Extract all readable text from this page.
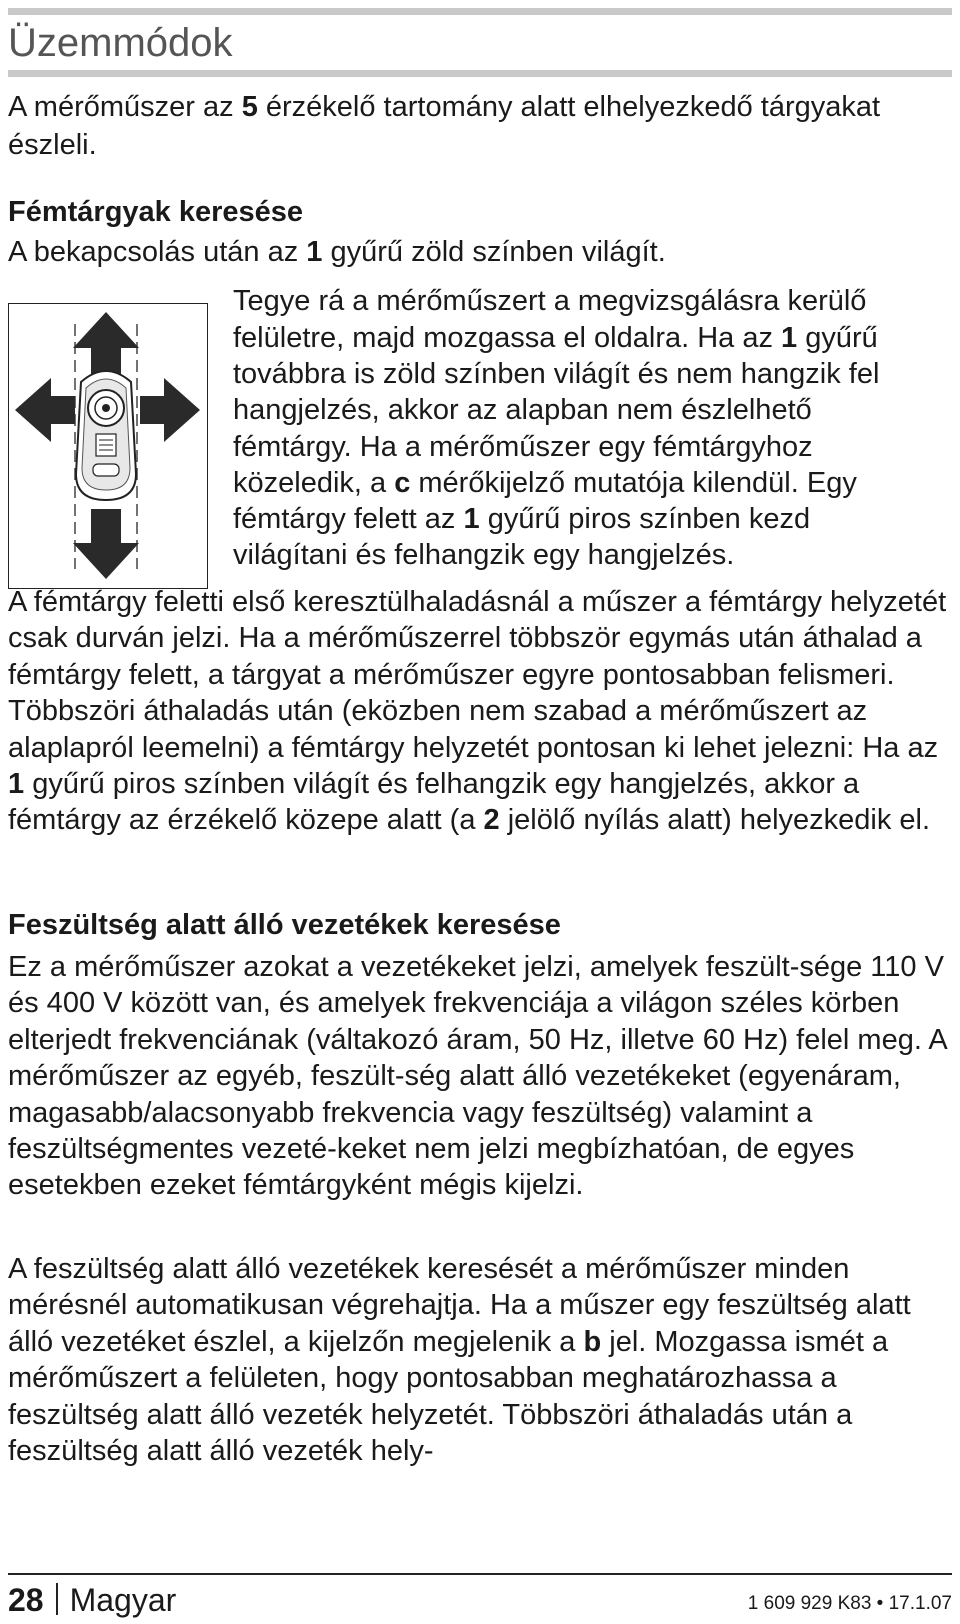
Üzemmódok

A mérőműszer az 5 érzékelő tartomány alatt elhelyezkedő tárgyakat észleli.

Fémtárgyak keresése

A bekapcsolás után az 1 gyűrű zöld színben világít.

Tegye rá a mérőműszert a megvizsgálásra kerülő

felületre, majd mozgassa el oldalra. Ha az 1 gyűrű

továbbra is zöld színben világít és nem hangzik fel

hangjelzés, akkor az alapban nem észlelhető

fémtárgy. Ha a mérőműszer egy fémtárgyhoz

közeledik, a c mérőkijelző mutatója kilendül. Egy

fémtárgy felett az 1 gyűrű piros színben kezd

világítani és felhangzik egy hangjelzés.

A fémtárgy feletti első keresztülhaladásnál a műszer a fémtárgy helyzetét csak durván jelzi. Ha a mérőműszerrel többször egymás után áthalad a fémtárgy felett, a tárgyat a mérőműszer egyre pontosabban felismeri. Többszöri áthaladás után (eközben nem szabad a mérőműszert az alaplapról leemelni) a fémtárgy helyzetét pontosan ki lehet jelezni: Ha az 1 gyűrű piros színben világít és felhangzik egy hangjelzés, akkor a fémtárgy az érzékelő közepe alatt (a 2 jelölő nyílás alatt) helyezkedik el.

Feszültség alatt álló vezetékek keresése

Ez a mérőműszer azokat a vezetékeket jelzi, amelyek feszült-sége 110 V és 400 V között van, és amelyek frekvenciája a világon széles körben elterjedt frekvenciának (váltakozó áram, 50 Hz, illetve 60 Hz) felel meg. A mérőműszer az egyéb, feszült-ség alatt álló vezetékeket (egyenáram, magasabb/alacsonyabb frekvencia vagy feszültség) valamint a feszültségmentes vezeté-keket nem jelzi megbízhatóan, de egyes esetekben ezeket fémtárgyként mégis kijelzi.

A feszültség alatt álló vezetékek keresését a mérőműszer minden mérésnél automatikusan végrehajtja. Ha a műszer egy feszültség alatt álló vezetéket észlel, a kijelzőn megjelenik a b jel. Mozgassa ismét a mérőműszert a felületen, hogy pontosabban meghatározhassa a feszültség alatt álló vezeték helyzetét. Többszöri áthaladás után a feszültség alatt álló vezeték hely-

28 Magyar	1 609 929 K83 • 17.1.07
